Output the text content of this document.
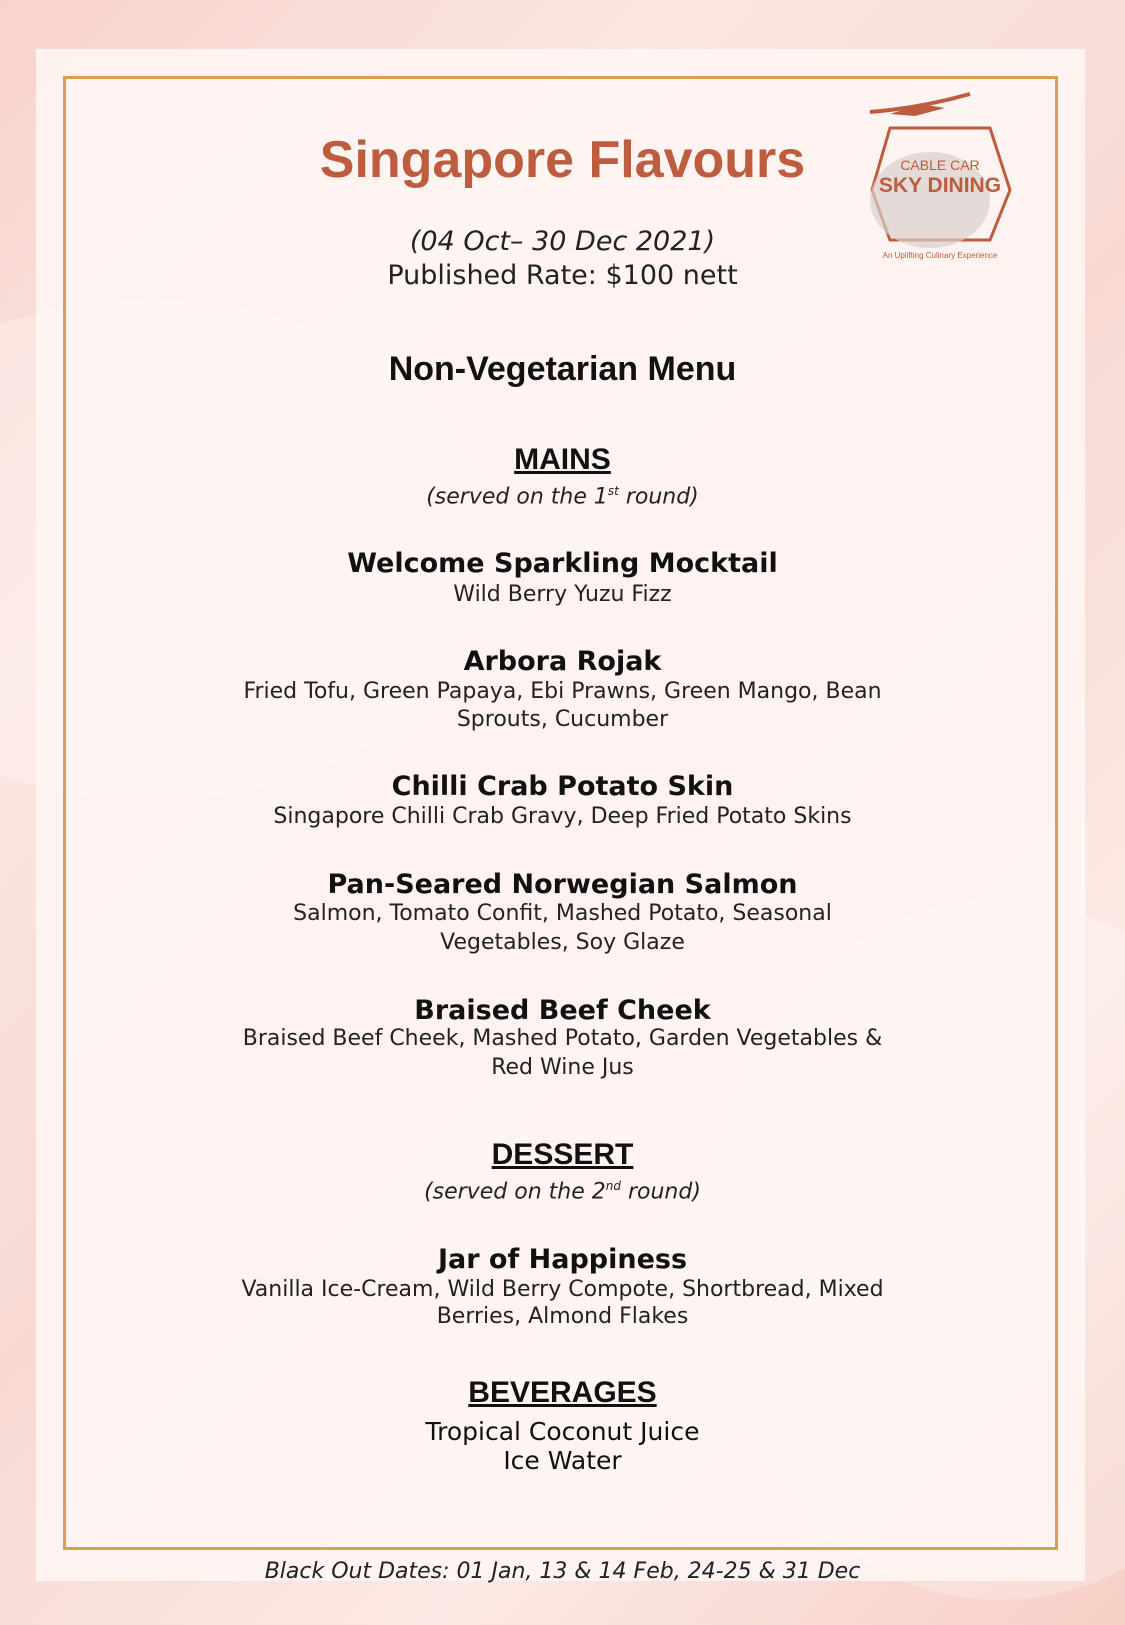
Singapore Flavours	CABLE CAR
SKY DINING
An Uplifting Culinary Experience
(04 Oct– 30 Dec 2021)
Published Rate: $100 nett
Non-Vegetarian Menu
MAINS
(served on the 1st round)
Welcome Sparkling Mocktail
Wild Berry Yuzu Fizz
Arbora Rojak
Fried Tofu, Green Papaya, Ebi Prawns, Green Mango, Bean
Sprouts, Cucumber
Chilli Crab Potato Skin
Singapore Chilli Crab Gravy, Deep Fried Potato Skins
Pan-Seared Norwegian Salmon
Salmon, Tomato Confit, Mashed Potato, Seasonal
Vegetables, Soy Glaze
Braised Beef Cheek
Braised Beef Cheek, Mashed Potato, Garden Vegetables &
Red Wine Jus
DESSERT
(served on the 2nd round)
Jar of Happiness
Vanilla Ice-Cream, Wild Berry Compote, Shortbread, Mixed
Berries, Almond Flakes
BEVERAGES
Tropical Coconut Juice
Ice Water
Black Out Dates: 01 Jan, 13 & 14 Feb, 24-25 & 31 Dec
